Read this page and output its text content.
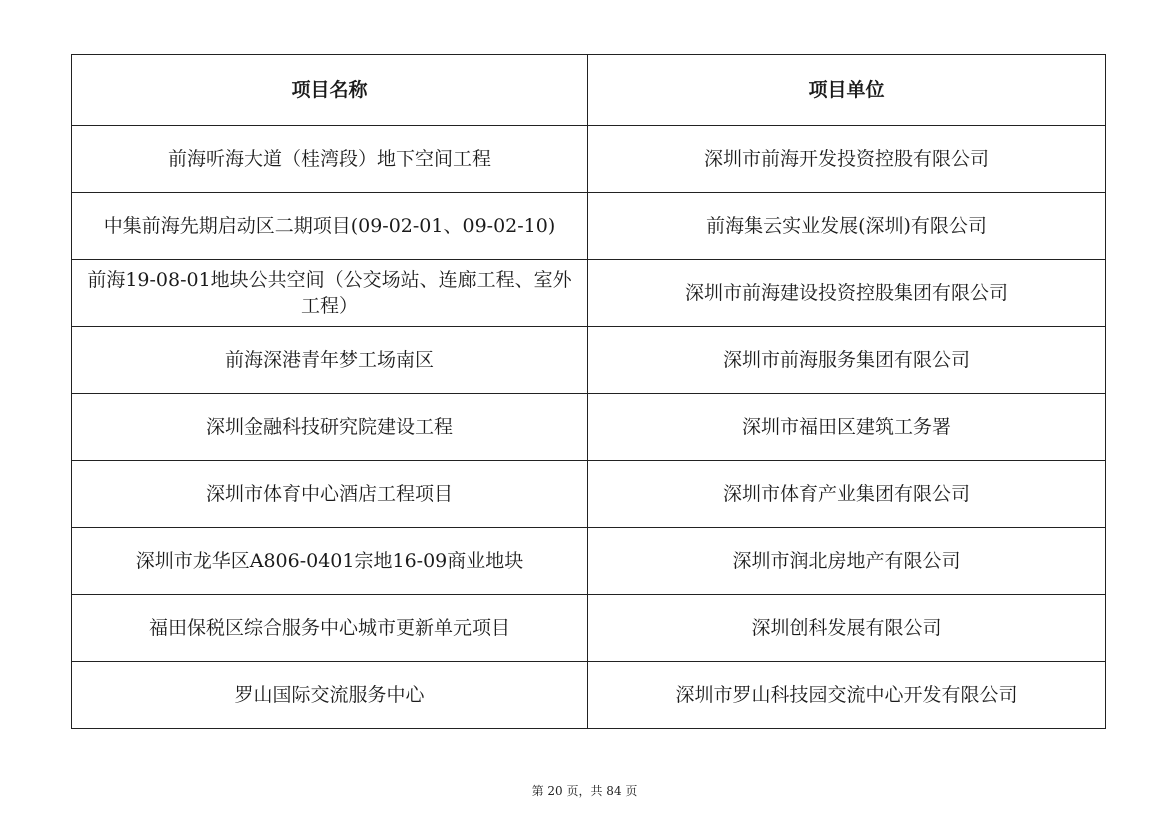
项目名称	项目单位
前海听海大道（桂湾段）地下空间工程	深圳市前海开发投资控股有限公司
中集前海先期启动区二期项目(09-02-01、09-02-10)	前海集云实业发展(深圳)有限公司
前海19-08-01地块公共空间（公交场站、连廊工程、室外工程）	深圳市前海建设投资控股集团有限公司
前海深港青年梦工场南区	深圳市前海服务集团有限公司
深圳金融科技研究院建设工程	深圳市福田区建筑工务署
深圳市体育中心酒店工程项目	深圳市体育产业集团有限公司
深圳市龙华区A806-0401宗地16-09商业地块	深圳市润北房地产有限公司
福田保税区综合服务中心城市更新单元项目	深圳创科发展有限公司
罗山国际交流服务中心	深圳市罗山科技园交流中心开发有限公司
第 20 页，共 84 页
